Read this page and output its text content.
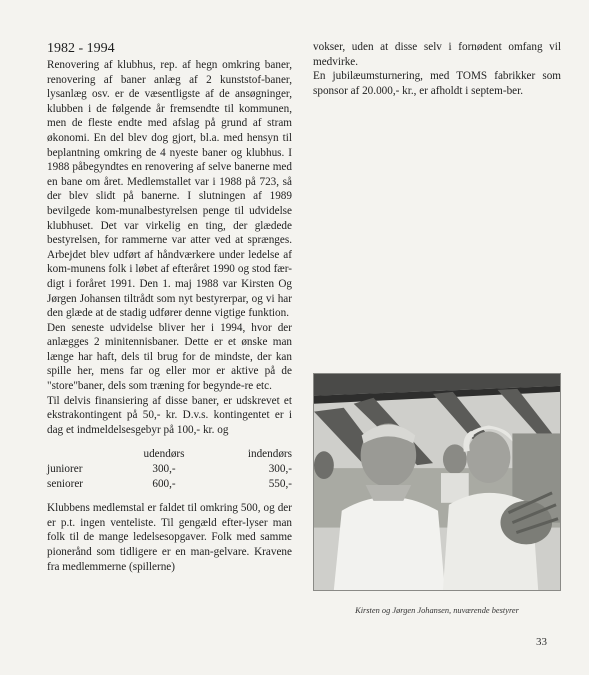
1982 - 1994

Renovering af klubhus, rep. af hegn omkring baner, renovering af baner anlæg af 2 kunststof-baner, lysanlæg osv. er de væsentligste af de ansøgninger, klubben i de følgende år fremsendte til kommunen, men de fleste endte med afslag på grund af stram økonomi. En del blev dog gjort, bl.a. med hensyn til beplantning omkring de 4 nyeste baner og klubhus. I 1988 påbegyndtes en renovering af selve banerne med en bane om året. Medlemstallet var i 1988 på 723, så der blev slidt på banerne. I slutningen af 1989 bevilgede kom-munalbestyrelsen penge til udvidelse klubhuset. Det var virkelig en ting, der glædede bestyrelsen, for rammerne var atter ved at sprænges. Arbejdet blev udført af håndværkere under ledelse af kom-munens folk i løbet af efteråret 1990 og stod fær-digt i foråret 1991. Den 1. maj 1988 var Kirsten Og Jørgen Johansen tiltrådt som nyt bestyrerpar, og vi har den glæde at de stadig udfører denne vigtige funktion.

Den seneste udvidelse bliver her i 1994, hvor der anlægges 2 minitennisbaner. Dette er et ønske man længe har haft, dels til brug for de mindste, der kan spille her, mens far og eller mor er aktive på de "store"baner, dels som træning for begynde-re etc.

Til delvis finansiering af disse baner, er udskrevet et ekstrakontingent på 50,- kr. D.v.s. kontingentet er i dag et indmeldelsesgebyr på 100,- kr. og

	udendørs	indendørs
juniorer	300,-	300,-
seniorer	600,-	550,-

Klubbens medlemstal er faldet til omkring 500, og der er p.t. ingen venteliste. Til gengæld efter-lyser man folk til de mange ledelsesopgaver. Folk med samme pionerånd som tidligere er en man-gelvare. Kravene fra medlemmerne (spillerne)

vokser, uden at disse selv i fornødent omfang vil medvirke.

En jubilæumsturnering, med TOMS fabrikker som sponsor af 20.000,- kr., er afholdt i septem-ber.

Kirsten og Jørgen Johansen, nuværende bestyrer
33
